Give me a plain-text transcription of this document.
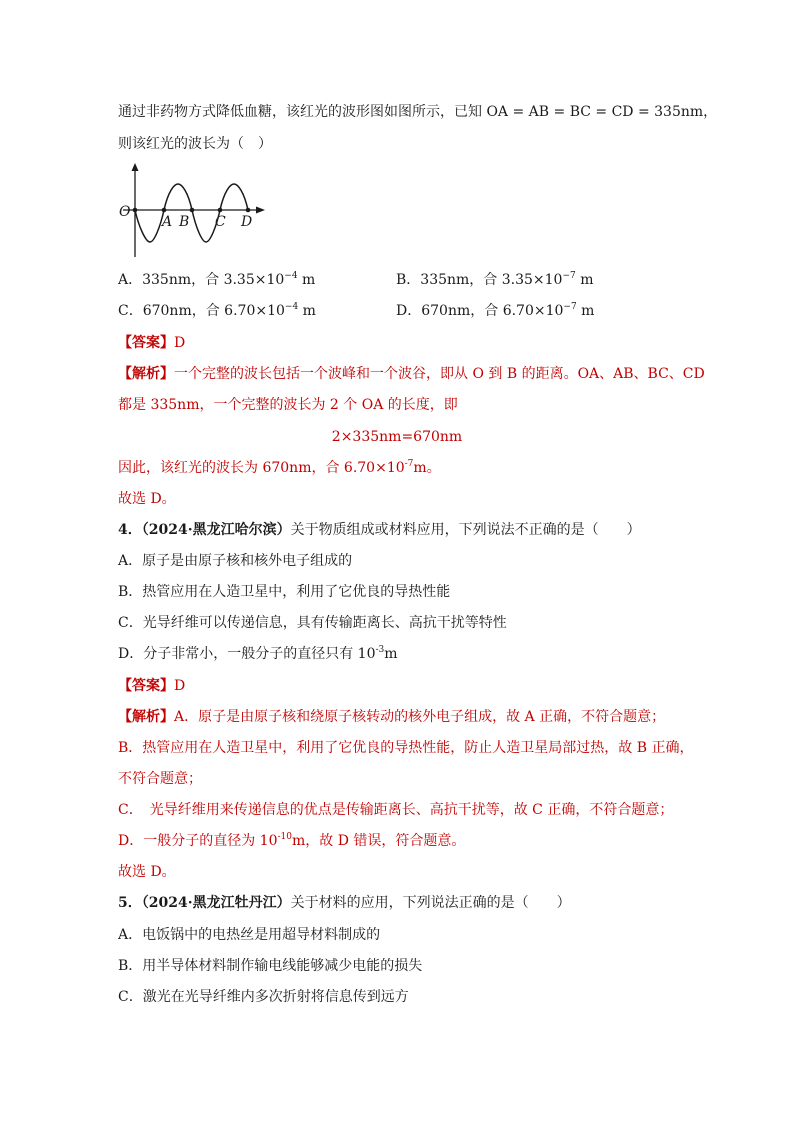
通过非药物方式降低血糖，该红光的波形图如图所示，已知 OA = AB = BC = CD = 335nm，
则该红光的波长为（　）
O
A B C D
A．335nm，合 $3.35\times 10^{-4}$ m	B．335nm，合 $3.35\times 10^{-7}$ m
C．670nm，合 $6.70\times 10^{-4}$ m	D．670nm，合 $6.70\times 10^{-7}$ m
【答案】D
【解析】一个完整的波长包括一个波峰和一个波谷，即从 O 到 B 的距离。OA、AB、BC、CD
都是 335nm，一个完整的波长为 2 个 OA 的长度，即
2×335nm=670nm
因此，该红光的波长为 670nm，合 $6.70\times 10^{-7}m$。
故选 D。
4．（2024·黑龙江哈尔滨）关于物质组成或材料应用，下列说法不正确的是（　　）
A．原子是由原子核和核外电子组成的
B．热管应用在人造卫星中，利用了它优良的导热性能
C．光导纤维可以传递信息，具有传输距离长、高抗干扰等特性
D．分子非常小，一般分子的直径只有 $10^{-3}m$
【答案】D
【解析】A．原子是由原子核和绕原子核转动的核外电子组成，故 A 正确，不符合题意；
B．热管应用在人造卫星中，利用了它优良的导热性能，防止人造卫星局部过热，故 B 正确，
不符合题意；
C．　光导纤维用来传递信息的优点是传输距离长、高抗干扰等，故 C 正确，不符合题意；
D．一般分子的直径为 $10^{-10}m$，故 D 错误，符合题意。
故选 D。
5．（2024·黑龙江牡丹江）关于材料的应用，下列说法正确的是（　　）
A．电饭锅中的电热丝是用超导材料制成的
B．用半导体材料制作输电线能够减少电能的损失
C．激光在光导纤维内多次折射将信息传到远方
